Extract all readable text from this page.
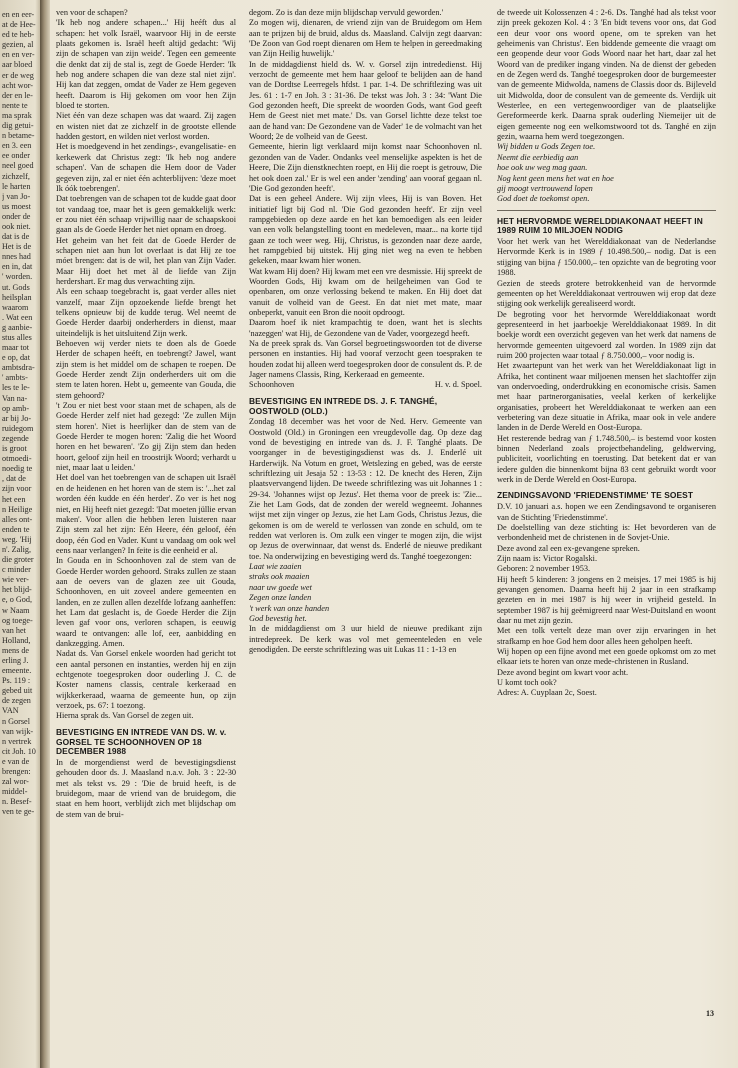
en en eer-
at de Hee-
ed te heb-
gezien, al
en en ver-
aar bloed
er de weg
acht wor-
der en le-
nente te
ma sprak
dig getui-
n betame-
en 3. een
ee onder
neel goed
zichzelf,
le harten
j van Jo-
us moest
onder de
ook niet.
dat is de
Het is de
nnes had
en in, dat
' worden.
ut. Gods
heilsplan
waarom
. Wat een
g aanbie-
stus alles
maar tot
e op, dat
ambtsdra-
' ambts-
les te le-
Van na-
op amb-
ar bij Jo-
ruidegom
zegende
is groot
otmoedi-
noedig te
, dat de
zijn voor
het een
n Heilige
alles ont-
enden te
weg. 'Hij
n'. Zalig,
die groter
c minder
wie ver-
het blijd-
e, o God,
w Naam
og toege-
van het
Holland,
mens de
erling J.
emeente.
Ps. 119 :
gebed uit
de zegen
VAN
n Gorsel
van wijk-
n vertrek
cit Joh. 10
e van de
brengen:
zal wor-
middel-
n. Besef-
ven te ge-

ven voor de schapen?

'Ik heb nog andere schapen...' Hij heéft dus al schapen: het volk Israël, waarvoor Hij in de eerste plaats gekomen is. Israël heeft altijd gedacht: 'Wij zijn de schapen van zijn weide'. Tegen een gemeente die denkt dat zij de stal is, zegt de Goede Herder: 'Ik heb nog andere schapen die van deze stal niet zijn'. Hij kan dat zeggen, omdat de Vader ze Hem gegeven heeft. Daarom is Hij gekomen om voor hen Zijn bloed te storten.

Niet één van deze schapen was dat waard. Zij zagen en wisten niet dat ze zichzelf in de grootste ellende hadden gestort, en wilden niet verlost worden.

Het is moedgevend in het zendings-, evangelisatie- en kerkewerk dat Christus zegt: 'Ik heb nog andere schapen'. Van de schapen die Hem door de Vader gegeven zijn, zal er niet één achterblijven: 'deze moet Ik óók toebrengen'.

Dat toebrengen van de schapen tot de kudde gaat door tot vandaag toe, maar het is geen gemakkelijk werk: er zou niet één schaap vrijwillig naar de schaapskooi gaan als de Goede Herder het niet opnam en droeg.

Het geheim van het feit dat de Goede Herder de schapen niet aan hun lot overlaat is dat Hij ze toe móet brengen: dat is de wil, het plan van Zijn Vader. Maar Hij doet het met àl de liefde van Zijn herdershart. Er mag dus verwachting zijn.

Als een schaap toegebracht is, gaat verder alles niet vanzelf, maar Zijn opzoekende liefde brengt het telkens opnieuw bij de kudde terug. Wel neemt de Goede Herder daarbij onderherders in dienst, maar uiteindelijk is het uitsluitend Zijn werk.

Behoeven wij verder niets te doen als de Goede Herder de schapen heéft, en toebrengt? Jawel, want zijn stem is het middel om de schapen te roepen. De Goede Herder zendt Zijn onderherders uit om die stem te laten horen. Hebt u, gemeente van Gouda, die stem gehoord?

't Zou er niet best voor staan met de schapen, als de Goede Herder zelf niet had gezegd: 'Ze zullen Mijn stem horen'. Niet is heerlijker dan de stem van de Goede Herder te mogen horen: 'Zalig die het Woord horen en het bewaren'. 'Zo gij Zijn stem dan heden hoort, geloof zijn heil en troostrijk Woord; verhardt u niet, maar laat u leiden.'

Het doel van het toebrengen van de schapen uit Israël en de heidenen en het horen van de stem is: '...het zal worden één kudde en één herder'. Zo ver is het nog niet, en Hij heeft niet gezegd: 'Dat moeten jüllie ervan maken'. Voor allen die hebben leren luisteren naar Zijn stem zal het zijn: Eén Heere, één geloof, één doop, één God en Vader. Kunt u vandaag om ook wel eens naar verlangen? In feite is die eenheid er al.

In Gouda en in Schoonhoven zal de stem van de Goede Herder worden gehoord. Straks zullen ze staan aan de oevers van de glazen zee uit Gouda, Schoonhoven, en uit zoveel andere gemeenten en landen, en ze zullen allen dezelfde lofzang aanheffen: het Lam dat geslacht is, de Goede Herder die Zijn leven gaf voor ons, verloren schapen, is eeuwig waard te ontvangen: alle lof, eer, aanbidding en dankzegging. Amen.

Nadat ds. Van Gorsel enkele woorden had gericht tot een aantal personen en instanties, werden hij en zijn echtgenote toegesproken door ouderling J. C. de Koster namens classis, centrale kerkeraad en wijkkerkeraad, waarna de gemeente hun, op zijn verzoek, ps. 67: 1 toezong.

Hierna sprak ds. Van Gorsel de zegen uit.

BEVESTIGING EN INTREDE VAN DS. W. v. GORSEL TE SCHOONHOVEN OP 18 DECEMBER 1988

In de morgendienst werd de bevestigingsdienst gehouden door ds. J. Maasland n.a.v. Joh. 3 : 22-30 met als tekst vs. 29 : 'Die de bruid heeft, is de bruidegom, maar de vriend van de bruidegom, die staat en hem hoort, verblijdt zich met blijdschap om de stem van de brui-

degom. Zo is dan deze mijn blijdschap vervuld geworden.'

Zo mogen wij, dienaren, de vriend zijn van de Bruidegom om Hem aan te prijzen bij de bruid, aldus ds. Maasland. Calvijn zegt daarvan: 'De Zoon van God roept dienaren om Hem te helpen in gereedmaking van Zijn Heilig huwelijk.'

In de middagdienst hield ds. W. v. Gorsel zijn intrededienst. Hij verzocht de gemeente met hem haar geloof te belijden aan de hand van de Dordtse Leerregels hfdst. 1 par. 1-4. De schriftlezing was uit Jes. 61 : 1-7 en Joh. 3 : 31-36. De tekst was Joh. 3 : 34: 'Want Die God gezonden heeft, Die spreekt de woorden Gods, want God geeft Hem de Geest niet met mate.' Ds. van Gorsel lichtte deze tekst toe aan de hand van: De Gezondene van de Vader' 1e de volmacht van het Woord; 2e de volheid van de Geest.

Gemeente, hierin ligt verklaard mijn komst naar Schoonhoven nl. gezonden van de Vader. Ondanks veel menselijke aspekten is het de Heere, Die Zijn dienstknechten roept, en Hij die roept is getrouw, Die het ook doen zal.' Er is wel een ander 'zending' aan vooraf gegaan nl. 'Die God gezonden heeft'.

Dat is een geheel Andere. Wij zijn vlees, Hij is van Boven. Het initiatief ligt bij God nl. 'Die God gezonden heeft'. Er zijn veel rampgebieden op deze aarde en het kan bemoedigen als een leider van een volk belangstelling toont en medeleven, maar... na korte tijd gaan ze toch weer weg. Hij, Christus, is gezonden naar deze aarde, het rampgebied bij uitstek. Hij ging niet weg na even te hebben gekeken, maar kwam hier wonen.

Wat kwam Hij doen? Hij kwam met een vre desmissie. Hij spreekt de Woorden Gods, Hij kwam om de heilgeheimen van God te openbaren, om onze verlossing bekend te maken. En Hij doet dat vanuit de volheid van de Geest. En dat niet met mate, maar onbeperkt, vanuit een Bron die nooit opdroogt.

Daarom hoef ik niet krampachtig te doen, want het is slechts 'nazeggen' wat Hij, de Gezondene van de Vader, voorgezegd heeft.

Na de preek sprak ds. Van Gorsel begroetingswoorden tot de diverse personen en instanties. Hij had vooraf verzocht geen toespraken te houden zodat hij alleen werd toegesproken door de consulent ds. P. de Jager namens Classis, Ring, Kerkeraad en gemeente.

Schoonhoven	H. v. d. Spoel.
BEVESTIGING EN INTREDE DS. J. F. TANGHÉ, OOSTWOLD (OLD.)

Zondag 18 december was het voor de Ned. Herv. Gemeente van Oostwold (Old.) in Groningen een vreugdevolle dag. Op deze dag vond de bevestiging en intrede van ds. J. F. Tanghé plaats. De voorganger in de bevestigingsdienst was ds. J. Enderlé uit Harderwijk. Na Votum en groet, Wetslezing en gebed, was de eerste schriftlezing uit Jesaja 52 : 13-53 : 12. De knecht des Heren, Zijn plaatsvervangend lijden. De tweede schriftlezing was uit Johannes 1 : 29-34. 'Johannes wijst op Jezus'. Het thema voor de preek is: 'Zie... Zie het Lam Gods, dat de zonden der wereld wegneemt. Johannes wijst met zijn vinger op Jezus, zie het Lam Gods, Christus Jezus, die gekomen is om de wereld te verlossen van zonde en schuld, om te redden wat verloren is. Om zulk een vinger te mogen zijn, die wijst op Jezus de overwinnaar, dat wenst ds. Enderlé de nieuwe predikant toe. Na onderwijzing en bevestiging werd ds. Tanghé toegezongen:

Laat wie zaaien
straks ook maaien
naar uw goede wet
Zegen onze landen
't werk van onze handen
God bevestig het.

In de middagdienst om 3 uur hield de nieuwe predikant zijn intredepreek. De kerk was vol met gemeenteleden en vele genodigden. De eerste schriftlezing was uit Lukas 11 : 1-13 en

de tweede uit Kolossenzen 4 : 2-6. Ds. Tanghé had als tekst voor zijn preek gekozen Kol. 4 : 3 'En bidt tevens voor ons, dat God een deur voor ons woord opene, om te spreken van het geheimenis van Christus'. Een biddende gemeente die vraagt om een geopende deur voor Gods Woord naar het hart, daar zal het Woord van de prediker ingang vinden. Na de dienst der gebeden en de Zegen werd ds. Tanghé toegesproken door de burgemeester van de gemeente Midwolda, namens de Classis door ds. Bijleveld uit Midwolda, door de consulent van de gemeente ds. Verdijk uit Westerlee, en een vertegenwoordiger van de plaatselijke Gereformeerde kerk. Daarna sprak ouderling Niemeijer uit de eigen gemeente nog een welkomstwoord tot ds. Tanghé en zijn gezin, waarna hem werd toegezongen.

Wij bidden u Gods Zegen toe.
Neemt die eerbiedig aan
hoe ook uw weg mag gaan.
Nog kent geen mens het wat en hoe
gij moogt vertrouwend lopen
God doet de toekomst open.
HET HERVORMDE WERELDDIAKONAAT HEEFT IN 1989 RUIM 10 MILJOEN NODIG

Voor het werk van het Werelddiakonaat van de Nederlandse Hervormde Kerk is in 1989 ƒ 10.498.500,– nodig. Dat is een stijging van bijna ƒ 150.000,– ten opzichte van de begroting voor 1988.

Gezien de steeds grotere betrokkenheid van de hervormde gemeenten op het Werelddiakonaat vertrouwen wij erop dat deze stijging ook werkelijk gerealiseerd wordt.

De begroting voor het hervormde Werelddiakonaat wordt gepresenteerd in het jaarboekje Werelddiakonaat 1989. In dit boekje wordt een overzicht gegeven van het werk dat namens de hervormde gemeenten uitgevoerd zal worden. In 1989 zijn dat ruim 200 projecten waar totaal ƒ 8.750.000,– voor nodig is.

Het zwaartepunt van het werk van het Werelddiakonaat ligt in Afrika, het continent waar miljoenen mensen het slachtoffer zijn van ondervoeding, onderdrukking en economische crisis. Samen met haar partnerorganisaties, veelal kerken of kerkelijke organisaties, probeert het Werelddiakonaat te werken aan een verbetering van deze situatie in Afrika, maar ook in vele andere landen in de Derde Wereld en Oost-Europa.

Het resterende bedrag van ƒ 1.748.500,– is bestemd voor kosten binnen Nederland zoals projectbehandeling, geldwerving, publiciteit, voorlichting en toerusting. Dat betekent dat er van iedere gulden die binnenkomt bijna 83 cent gebruikt wordt voor werk in de Derde Wereld en Oost-Europa.

ZENDINGSAVOND 'FRIEDENSTIMME' TE SOEST

D.V. 10 januari a.s. hopen we een Zendingsavond te organiseren van de Stichting 'Friedenstimme'.

De doelstelling van deze stichting is: Het bevorderen van de verbondenheid met de christenen in de Sovjet-Unie.

Deze avond zal een ex-gevangene spreken.

Zijn naam is: Victor Rogalski.

Geboren: 2 november 1953.

Hij heeft 5 kinderen: 3 jongens en 2 meisjes. 17 mei 1985 is hij gevangen genomen. Daarna heeft hij 2 jaar in een strafkamp gezeten en in mei 1987 is hij weer in vrijheid gesteld. In september 1987 is hij geëmigreerd naar West-Duitsland en woont daar nu met zijn gezin.

Met een tolk vertelt deze man over zijn ervaringen in het strafkamp en hoe God hem door alles heen geholpen heeft.

Wij hopen op een fijne avond met een goede opkomst om zo met elkaar iets te horen van onze mede-christenen in Rusland.

Deze avond begint om kwart voor acht.

U komt toch ook?

Adres: A. Cuyplaan 2c, Soest.

13
